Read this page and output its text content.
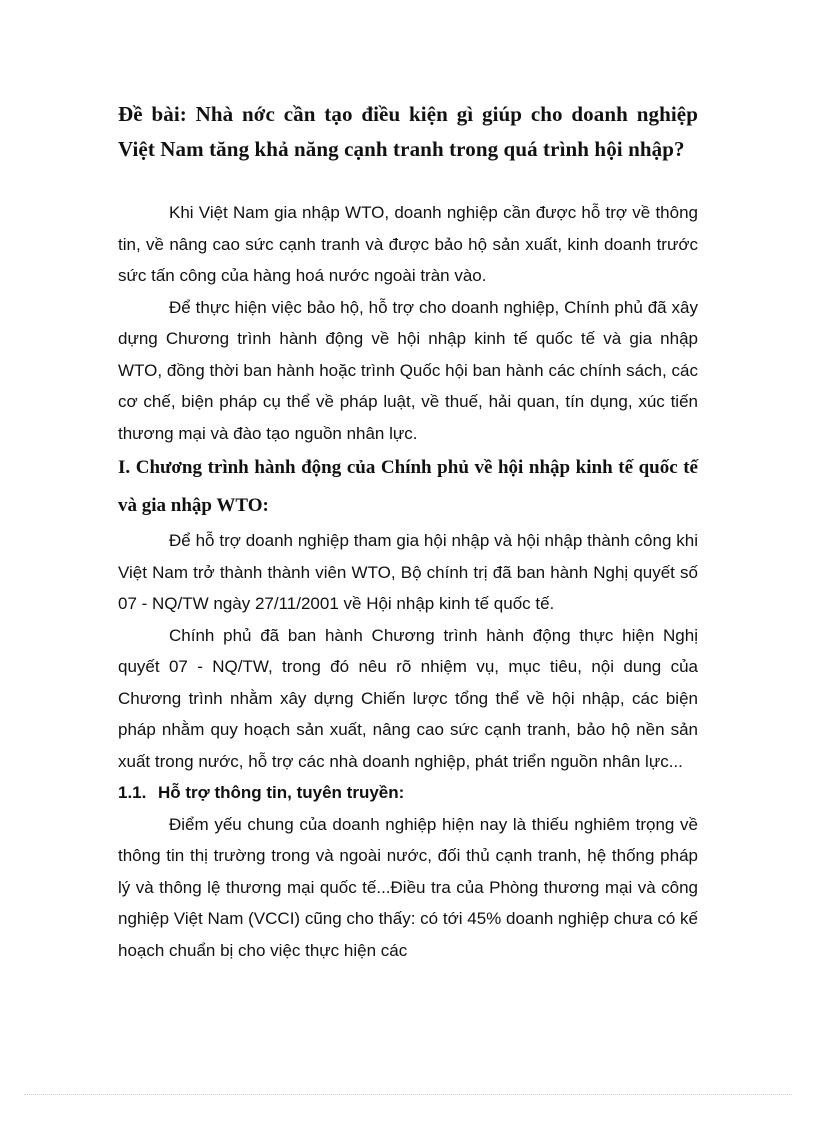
Đề bài: Nhà nớc cần tạo điều kiện gì giúp cho doanh nghiệp Việt Nam tăng khả năng cạnh tranh trong quá trình hội nhập?

Khi Việt Nam gia nhập WTO, doanh nghiệp cần được hỗ trợ về thông tin, về nâng cao sức cạnh tranh và được bảo hộ sản xuất, kinh doanh trước sức tấn công của hàng hoá nước ngoài tràn vào.

Để thực hiện việc bảo hộ, hỗ trợ cho doanh nghiệp, Chính phủ đã xây dựng Chương trình hành động về hội nhập kinh tế quốc tế và gia nhập WTO, đồng thời ban hành hoặc trình Quốc hội ban hành các chính sách, các cơ chế, biện pháp cụ thể về pháp luật, về thuế, hải quan, tín dụng, xúc tiến thương mại và đào tạo nguồn nhân lực.

I. Chương trình hành động của Chính phủ về hội nhập kinh tế quốc tế và gia nhập WTO:

Để hỗ trợ doanh nghiệp tham gia hội nhập và hội nhập thành công khi Việt Nam trở thành thành viên WTO, Bộ chính trị đã ban hành Nghị quyết số 07 - NQ/TW ngày 27/11/2001 về Hội nhập kinh tế quốc tế.

Chính phủ đã ban hành Chương trình hành động thực hiện Nghị quyết 07 - NQ/TW, trong đó nêu rõ nhiệm vụ, mục tiêu, nội dung của Chương trình nhằm xây dựng Chiến lược tổng thể về hội nhập, các biện pháp nhằm quy hoạch sản xuất, nâng cao sức cạnh tranh, bảo hộ nền sản xuất trong nước, hỗ trợ các nhà doanh nghiệp, phát triển nguồn nhân lực...

1.1. Hỗ trợ thông tin, tuyên truyền:

Điểm yếu chung của doanh nghiệp hiện nay là thiếu nghiêm trọng về thông tin thị trường trong và ngoài nước, đối thủ cạnh tranh, hệ thống pháp lý và thông lệ thương mại quốc tế...Điều tra của Phòng thương mại và công nghiệp Việt Nam (VCCI) cũng cho thấy: có tới 45% doanh nghiệp chưa có kế hoạch chuẩn bị cho việc thực hiện các
